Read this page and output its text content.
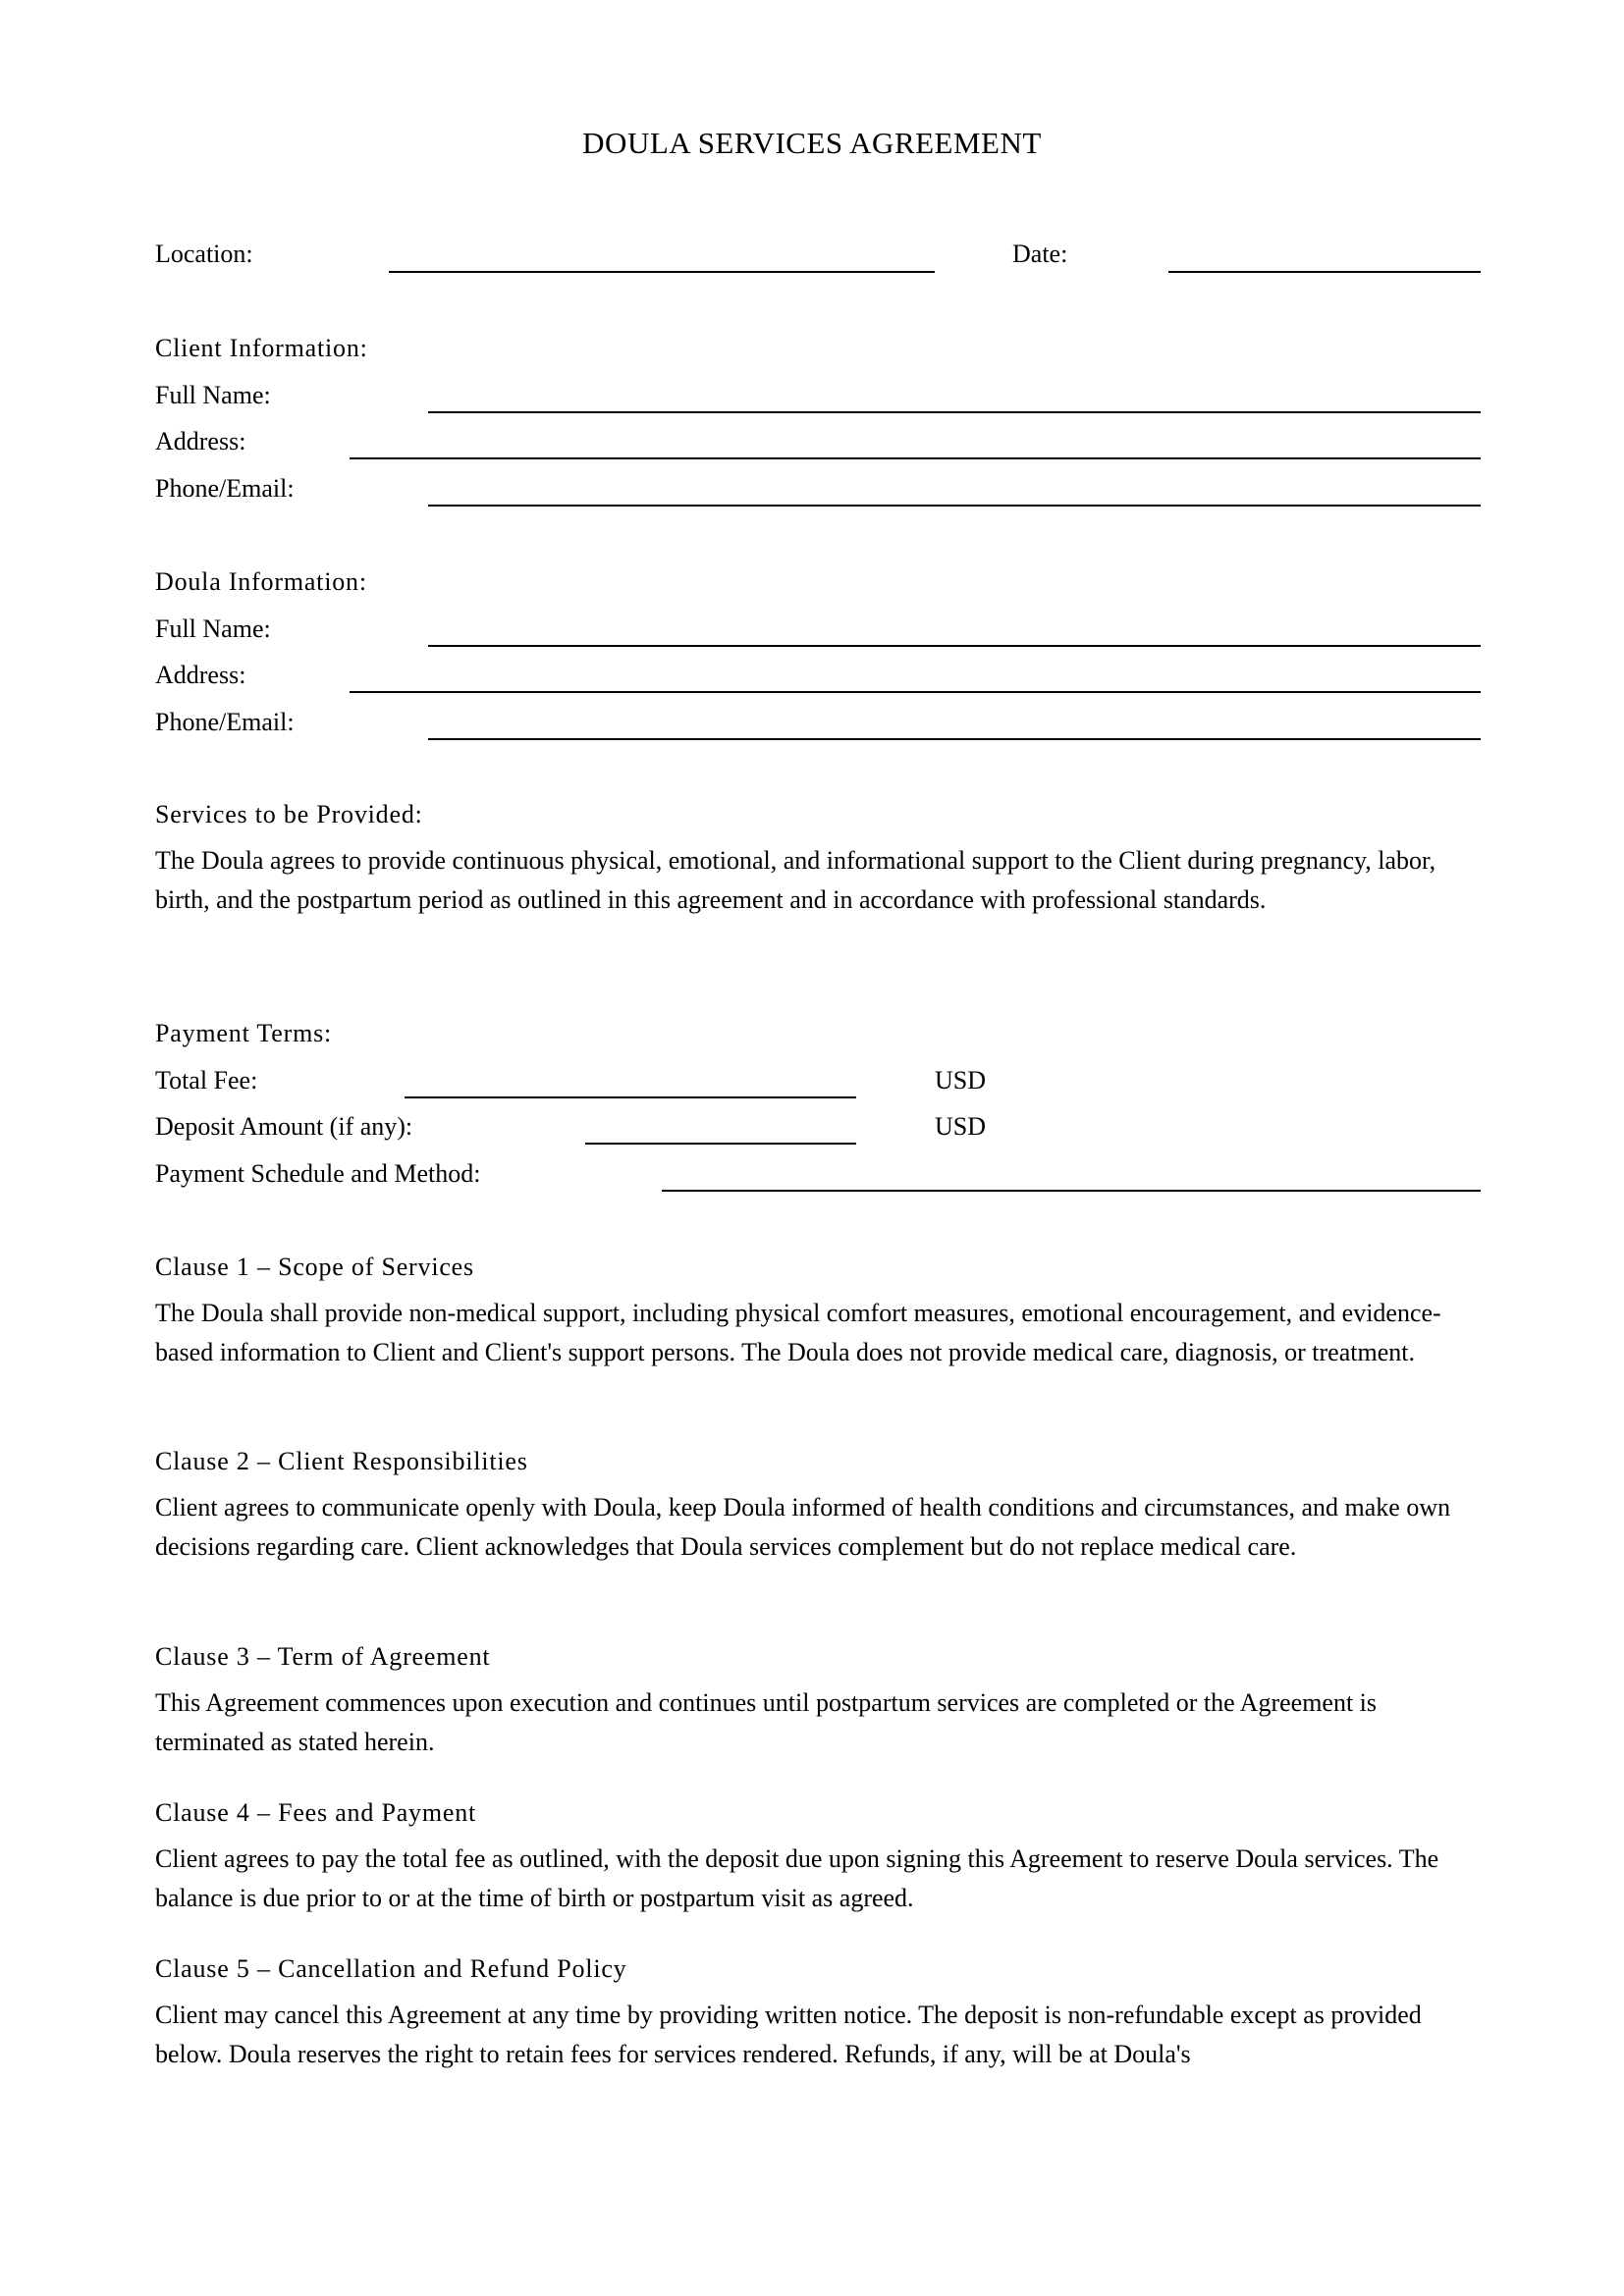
DOULA SERVICES AGREEMENT
Location:	Date:
Client Information:
Full Name:
Address:
Phone/Email:
Doula Information:
Full Name:
Address:
Phone/Email:
Services to be Provided:
The Doula agrees to provide continuous physical, emotional, and informational support to the Client during pregnancy, labor, birth, and the postpartum period as outlined in this agreement and in accordance with professional standards.
Payment Terms:
Total Fee:	USD
Deposit Amount (if any):	USD
Payment Schedule and Method:
Clause 1 – Scope of Services
The Doula shall provide non-medical support, including physical comfort measures, emotional encouragement, and evidence-based information to Client and Client's support persons. The Doula does not provide medical care, diagnosis, or treatment.
Clause 2 – Client Responsibilities
Client agrees to communicate openly with Doula, keep Doula informed of health conditions and circumstances, and make own decisions regarding care. Client acknowledges that Doula services complement but do not replace medical care.
Clause 3 – Term of Agreement
This Agreement commences upon execution and continues until postpartum services are completed or the Agreement is terminated as stated herein.
Clause 4 – Fees and Payment
Client agrees to pay the total fee as outlined, with the deposit due upon signing this Agreement to reserve Doula services. The balance is due prior to or at the time of birth or postpartum visit as agreed.
Clause 5 – Cancellation and Refund Policy
Client may cancel this Agreement at any time by providing written notice. The deposit is non-refundable except as provided below. Doula reserves the right to retain fees for services rendered. Refunds, if any, will be at Doula's
